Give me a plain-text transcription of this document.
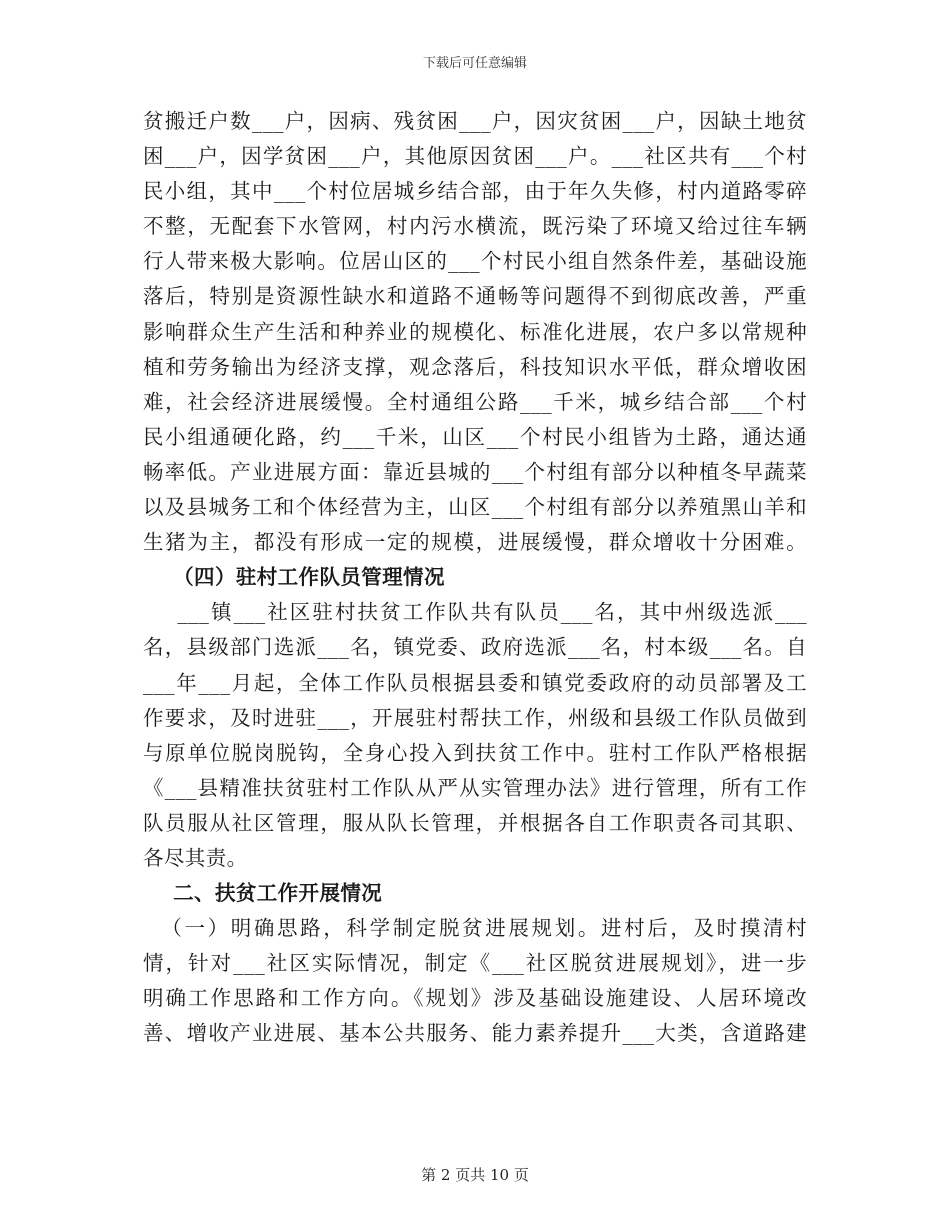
下载后可任意编辑
贫搬迁户数___户，因病、残贫困___户，因灾贫困___户，因缺土地贫
困___户，因学贫困___户，其他原因贫困___户。___社区共有___个村
民小组，其中___个村位居城乡结合部，由于年久失修，村内道路零碎
不整，无配套下水管网，村内污水横流，既污染了环境又给过往车辆
行人带来极大影响。位居山区的___个村民小组自然条件差，基础设施
落后，特别是资源性缺水和道路不通畅等问题得不到彻底改善，严重
影响群众生产生活和种养业的规模化、标准化进展，农户多以常规种
植和劳务输出为经济支撑，观念落后，科技知识水平低，群众增收困
难，社会经济进展缓慢。全村通组公路___千米，城乡结合部___个村
民小组通硬化路，约___千米，山区___个村民小组皆为土路，通达通
畅率低。产业进展方面：靠近县城的___个村组有部分以种植冬早蔬菜
以及县城务工和个体经营为主，山区___个村组有部分以养殖黑山羊和
生猪为主，都没有形成一定的规模，进展缓慢，群众增收十分困难。
（四）驻村工作队员管理情况
___镇___社区驻村扶贫工作队共有队员___名，其中州级选派___
名，县级部门选派___名，镇党委、政府选派___名，村本级___名。自
___年___月起，全体工作队员根据县委和镇党委政府的动员部署及工
作要求，及时进驻___，开展驻村帮扶工作，州级和县级工作队员做到
与原单位脱岗脱钩，全身心投入到扶贫工作中。驻村工作队严格根据
《___县精准扶贫驻村工作队从严从实管理办法》进行管理，所有工作
队员服从社区管理，服从队长管理，并根据各自工作职责各司其职、
各尽其责。
二、扶贫工作开展情况
（一）明确思路，科学制定脱贫进展规划。进村后，及时摸清村
情，针对___社区实际情况，制定《___社区脱贫进展规划》，进一步
明确工作思路和工作方向。《规划》涉及基础设施建设、人居环境改
善、增收产业进展、基本公共服务、能力素养提升___大类，含道路建
第 2 页共 10 页
